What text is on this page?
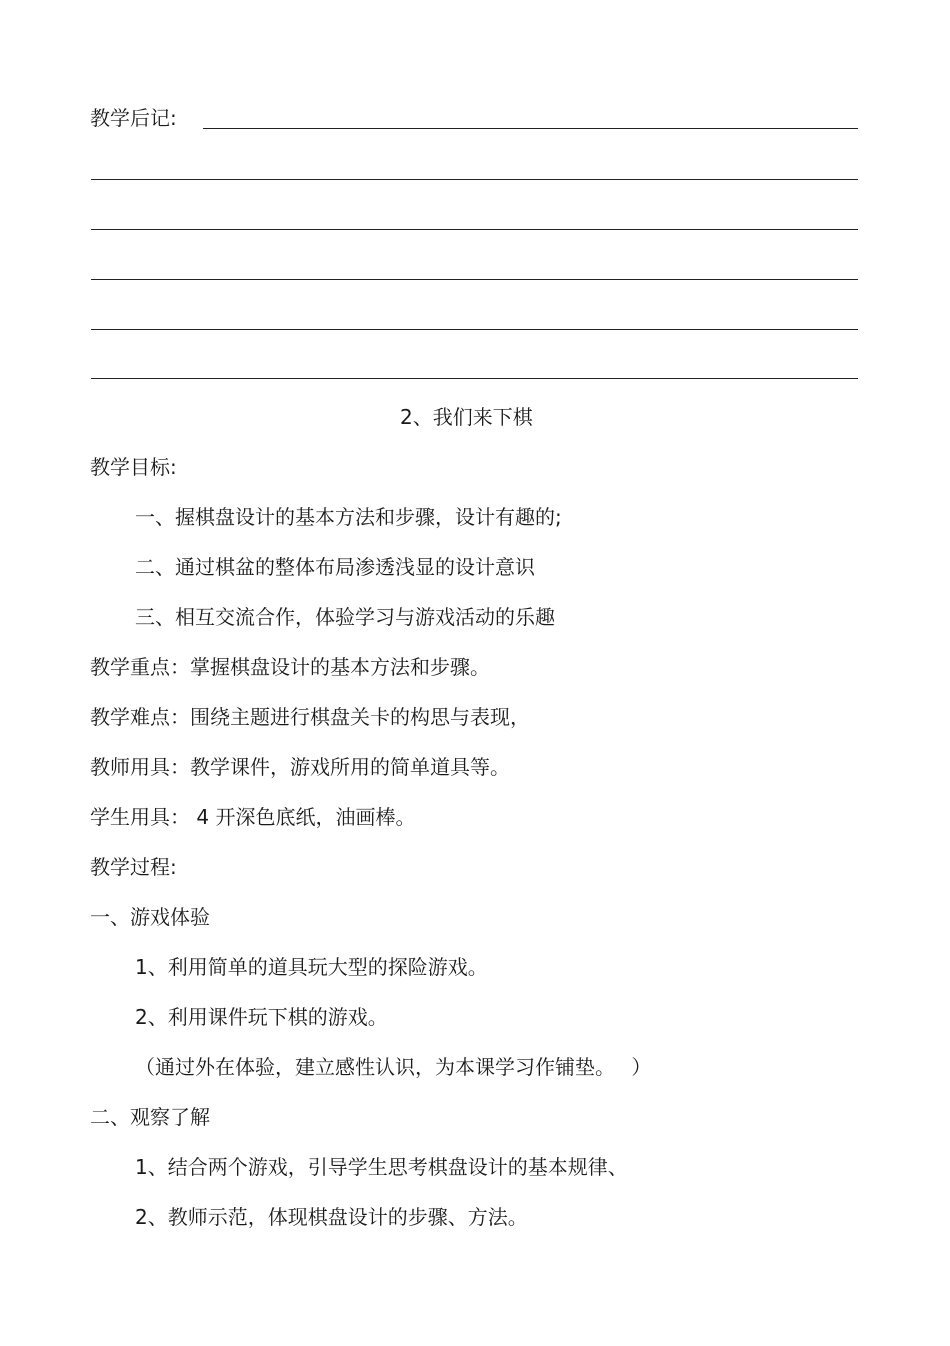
教学后记:
2、我们来下棋
教学目标:
一、握棋盘设计的基本方法和步骤，设计有趣的;
二、通过棋盆的整体布局渗透浅显的设计意识
三、相互交流合作，体验学习与游戏活动的乐趣
教学重点：掌握棋盘设计的基本方法和步骤。
教学难点：围绕主题进行棋盘关卡的构思与表现，
教师用具：教学课件，游戏所用的简单道具等。
学生用具： 4 开深色底纸，油画棒。
教学过程:
一、游戏体验
1、利用简单的道具玩大型的探险游戏。
2、利用课件玩下棋的游戏。
（通过外在体验，建立感性认识，为本课学习作铺垫。　 ）
二、观察了解
1、结合两个游戏，引导学生思考棋盘设计的基本规律、
2、教师示范，体现棋盘设计的步骤、方法。
